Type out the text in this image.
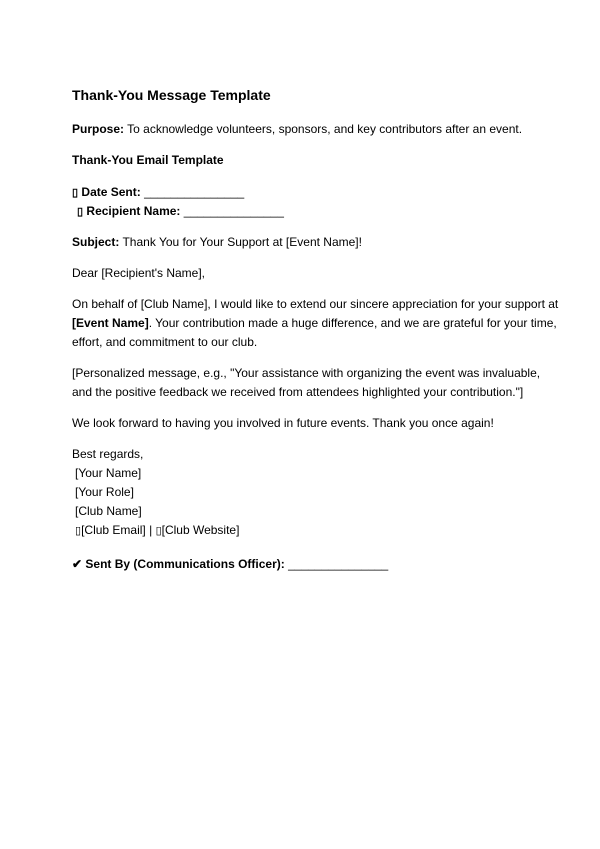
Thank-You Message Template
Purpose: To acknowledge volunteers, sponsors, and key contributors after an event.
Thank-You Email Template
▯ Date Sent: _______________
▯ Recipient Name: _______________
Subject: Thank You for Your Support at [Event Name]!
Dear [Recipient's Name],
On behalf of [Club Name], I would like to extend our sincere appreciation for your support at
[Event Name]. Your contribution made a huge difference, and we are grateful for your time,
effort, and commitment to our club.
[Personalized message, e.g., "Your assistance with organizing the event was invaluable,
and the positive feedback we received from attendees highlighted your contribution."]
We look forward to having you involved in future events. Thank you once again!
Best regards,
[Your Name]
[Your Role]
[Club Name]
▯[Club Email] | ▯[Club Website]
✔ Sent By (Communications Officer): _______________
